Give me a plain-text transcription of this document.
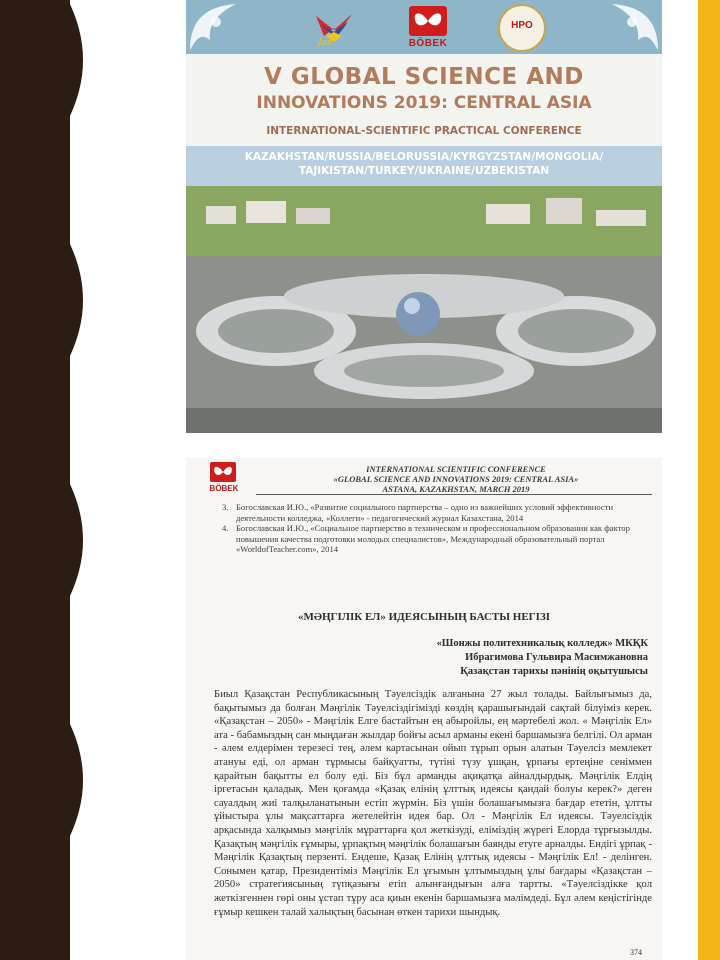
Jas	BÖBEK
HPO
V GLOBAL SCIENCE AND
INNOVATIONS 2019: CENTRAL ASIA
INTERNATIONAL-SCIENTIFIC PRACTICAL CONFERENCE
KAZAKHSTAN/RUSSIA/BELORUSSIA/KYRGYZSTAN/MONGOLIA/
TAJIKISTAN/TURKEY/UKRAINE/UZBEKISTAN
BÖBEK
INTERNATIONAL SCIENTIFIC CONFERENCE
«GLOBAL SCIENCE AND INNOVATIONS 2019: CENTRAL ASIA»
ASTANA, KAZAKHSTAN, MARCH 2019
3. Богославская И.Ю., «Развитие социального партнерства – одно из важнейших условий эффективности деятельности колледжа, «Коллеги» - педагогический журнал Казахстана, 2014
4. Богославская И.Ю., «Социальное партнерство в техническом и профессиональном образовании как фактор повышения качества подготовки молодых специалистов», Международный образовательный портал «WorldofTeacher.com», 2014
«МӘҢГІЛІК ЕЛ» ИДЕЯСЫНЫҢ БАСТЫ НЕГІЗІ
«Шонжы политехникалық колледж» МКҚК
Ибрагимова Гульвира Масимжановна
Қазақстан тарихы пәнінің оқытушысы
Биыл Қазақстан Республикасының Тәуелсіздік алғанына 27 жыл толады. Байлығымыз да, бақытымыз да болған Мәңгілік Тәуелсіздігімізді көздің қарашығындай сақтай білуіміз керек. «Қазақстан – 2050» - Мәңгілік Елге бастайтын ең абыройлы, ең мәртебелі жол. « Мәңгілік Ел» ата - бабамыздың сан мыңдаған жылдар бойғы асыл арманы екені баршамызға белгілі. Ол арман - әлем елдерімен терезесі тең, әлем картасынан ойып тұрып орын алатын Тәуелсіз мемлекет атануы еді, ол арман тұрмысы байқуатты, түтіні түзу ұшқан, ұрпағы ертеңіне сеніммен қарайтын бақытты ел болу еді. Біз бұл арманды ақиқатқа айналдырдық. Мәңгілік Елдің іргетасын қаладық. Мен қоғамда «Қазақ елінің ұлттық идеясы қандай болуы керек?» деген сауалдың жиі талқыланатынын естіп жүрмін. Біз үшін болашағымызға бағдар ететін, ұлтты ұйыстыра ұлы мақсаттарға жетелейтін идея бар. Ол - Мәңгілік Ел идеясы. Тәуелсіздік арқасында халқымыз мәңгілік мұраттарға қол жеткізуді, еліміздің жүрегі Елорда тұрғызылды. Қазақтың мәңгілік ғұмыры, ұрпақтың мәңгілік болашағын баянды етуге арналды. Ендігі ұрпақ - Мәңгілік Қазақтың перзенті. Ендеше, Қазақ Елінің ұлттық идеясы - Мәңгілік Ел! - делінген. Сонымен қатар, Президентіміз Мәңгілік Ел ұғымын ұлтымыздың ұлы бағдары «Қазақстан – 2050» стратегиясының түпқазығы етіп алынғандығын алға тартты. «Тәуелсіздікке қол жеткізгеннен гөрі оны ұстап тұру аса қиын екенін баршамызға мәлімдеді. Бұл әлем кеңістігінде ғұмыр кешкен талай халықтың басынан өткен тарихи шындық.
374
